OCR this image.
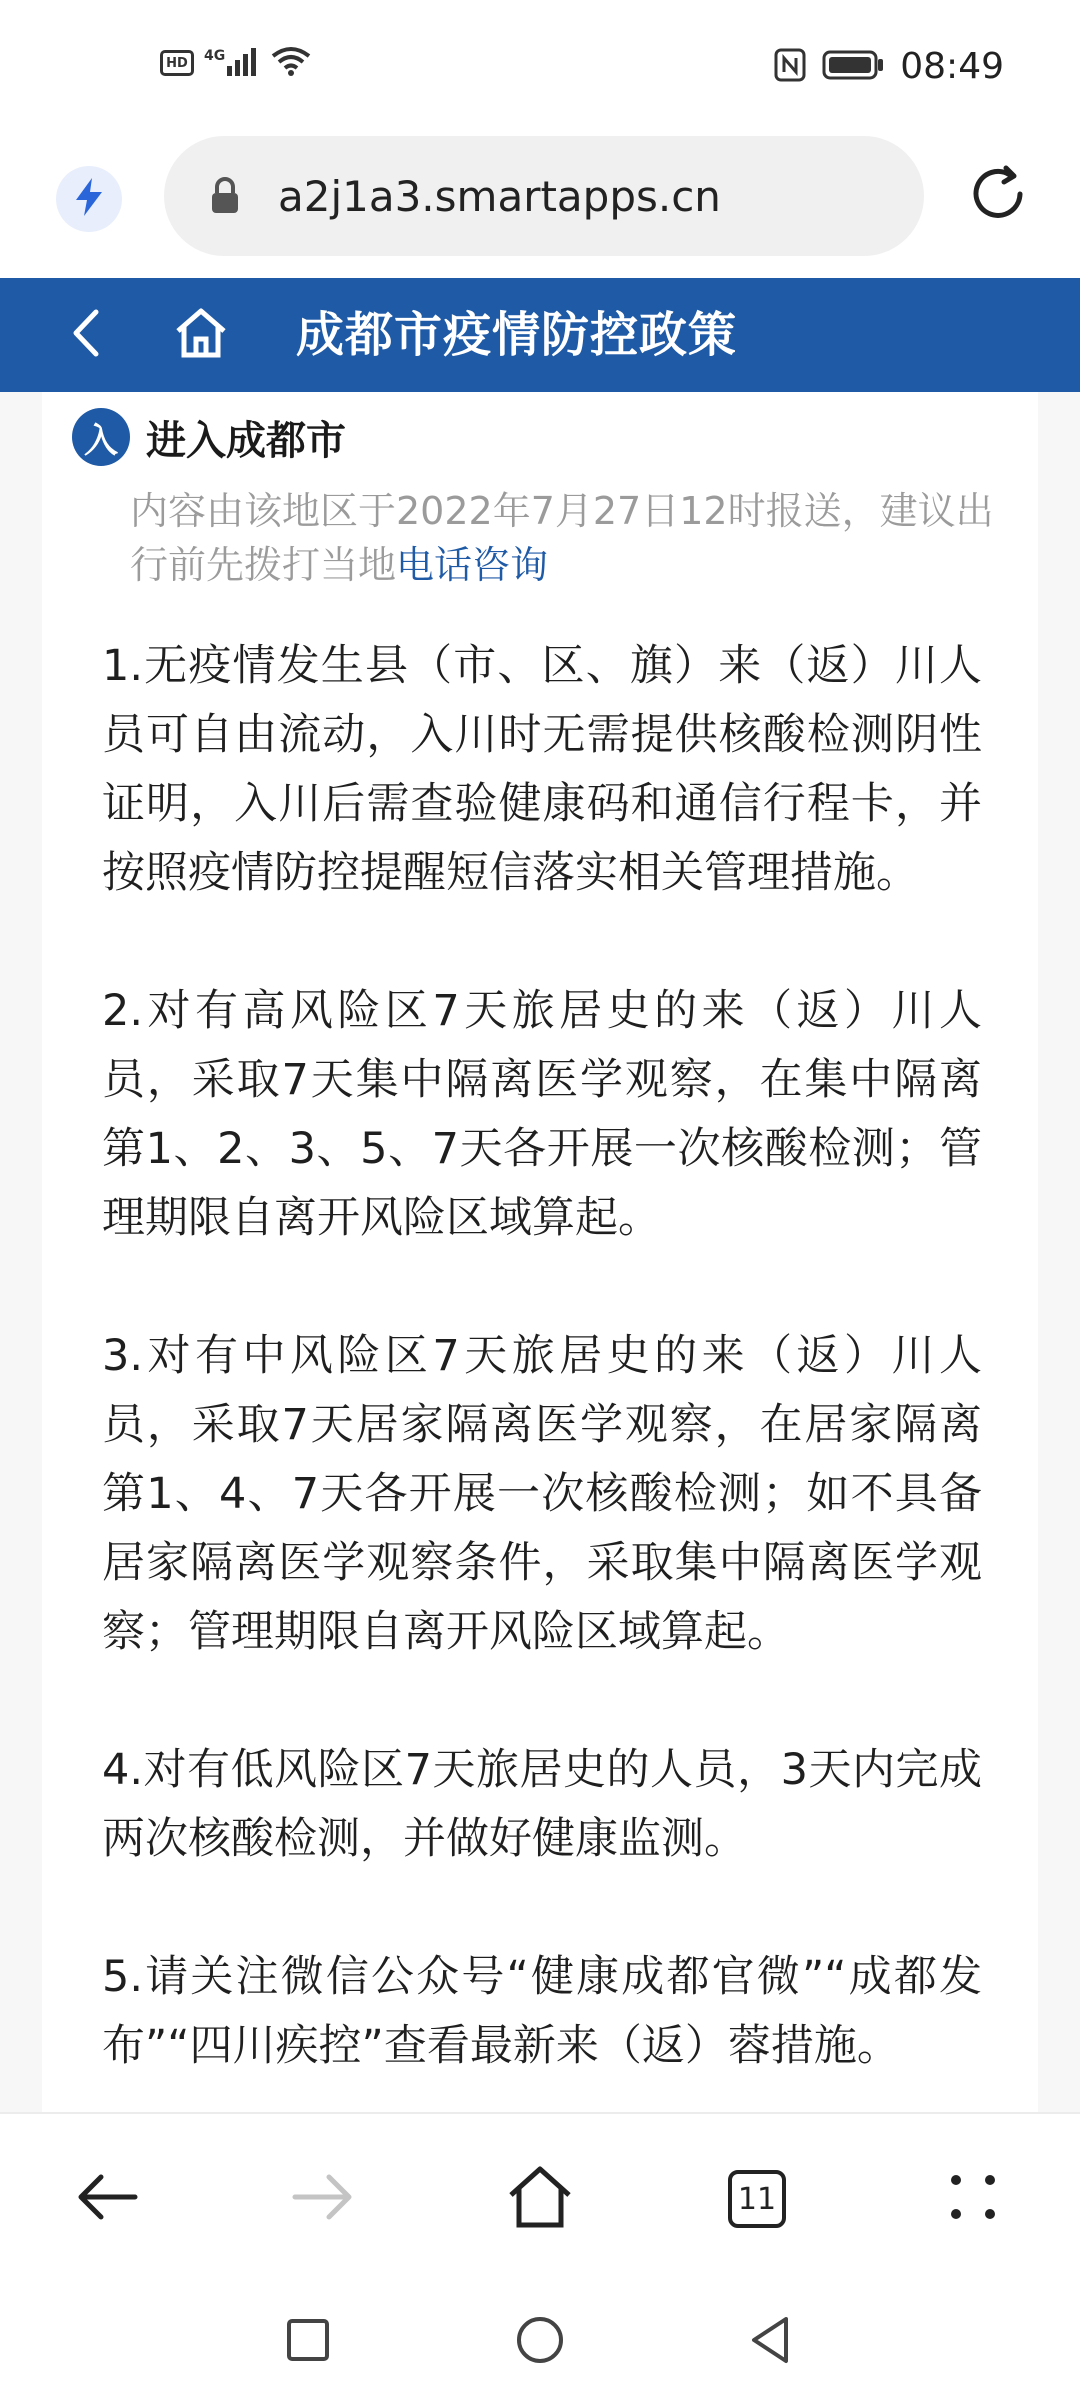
HD	4G	08:49
a2j1a3.smartapps.cn
成都市疫情防控政策
入 进入成都市
内容由该地区于2022年7月27日12时报送，建议出行前先拨打当地电话咨询

1.无疫情发生县（市、区、旗）来（返）川人员可自由流动，入川时无需提供核酸检测阴性证明，入川后需查验健康码和通信行程卡，并按照疫情防控提醒短信落实相关管理措施。

2.对有高风险区7天旅居史的来（返）川人员，采取7天集中隔离医学观察，在集中隔离第1、2、3、5、7天各开展一次核酸检测；管理期限自离开风险区域算起。

3.对有中风险区7天旅居史的来（返）川人员，采取7天居家隔离医学观察，在居家隔离第1、4、7天各开展一次核酸检测；如不具备居家隔离医学观察条件，采取集中隔离医学观察；管理期限自离开风险区域算起。

4.对有低风险区7天旅居史的人员，3天内完成两次核酸检测，并做好健康监测。

5.请关注微信公众号“健康成都官微”“成都发布”“四川疾控”查看最新来（返）蓉措施。

11
